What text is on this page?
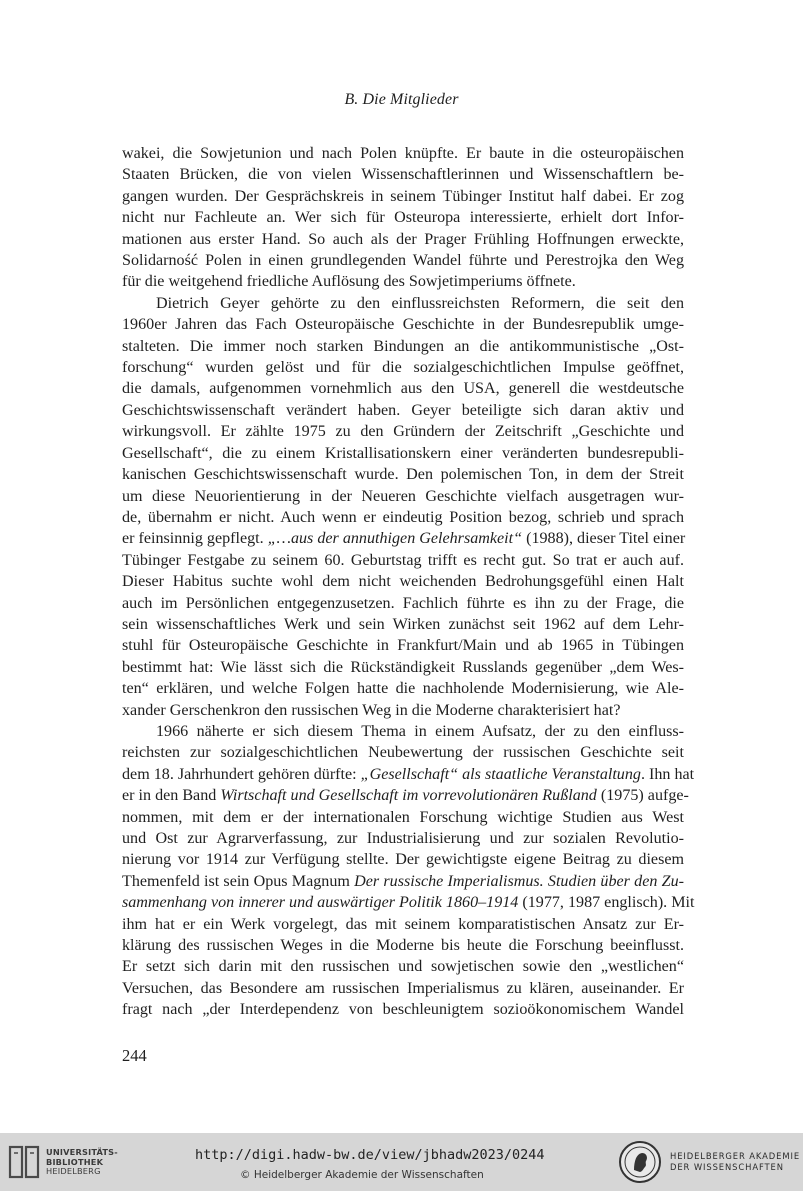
B. Die Mitglieder
wakei, die Sowjetunion und nach Polen knüpfte. Er baute in die osteuropäischen
Staaten Brücken, die von vielen Wissenschaftlerinnen und Wissenschaftlern be-
gangen wurden. Der Gesprächskreis in seinem Tübinger Institut half dabei. Er zog
nicht nur Fachleute an. Wer sich für Osteuropa interessierte, erhielt dort Infor-
mationen aus erster Hand. So auch als der Prager Frühling Hoffnungen erweckte,
Solidarność Polen in einen grundlegenden Wandel führte und Perestrojka den Weg
für die weitgehend friedliche Auflösung des Sowjetimperiums öffnete.
Dietrich Geyer gehörte zu den einflussreichsten Reformern, die seit den
1960er Jahren das Fach Osteuropäische Geschichte in der Bundesrepublik umge-
stalteten. Die immer noch starken Bindungen an die antikommunistische „Ost-
forschung“ wurden gelöst und für die sozialgeschichtlichen Impulse geöffnet,
die damals, aufgenommen vornehmlich aus den USA, generell die westdeutsche
Geschichtswissenschaft verändert haben. Geyer beteiligte sich daran aktiv und
wirkungsvoll. Er zählte 1975 zu den Gründern der Zeitschrift „Geschichte und
Gesellschaft“, die zu einem Kristallisationskern einer veränderten bundesrepubli-
kanischen Geschichtswissenschaft wurde. Den polemischen Ton, in dem der Streit
um diese Neuorientierung in der Neueren Geschichte vielfach ausgetragen wur-
de, übernahm er nicht. Auch wenn er eindeutig Position bezog, schrieb und sprach
er feinsinnig gepflegt. „…aus der annuthigen Gelehrsamkeit“ (1988), dieser Titel einer
Tübinger Festgabe zu seinem 60. Geburtstag trifft es recht gut. So trat er auch auf.
Dieser Habitus suchte wohl dem nicht weichenden Bedrohungsgefühl einen Halt
auch im Persönlichen entgegenzusetzen. Fachlich führte es ihn zu der Frage, die
sein wissenschaftliches Werk und sein Wirken zunächst seit 1962 auf dem Lehr-
stuhl für Osteuropäische Geschichte in Frankfurt/Main und ab 1965 in Tübingen
bestimmt hat: Wie lässt sich die Rückständigkeit Russlands gegenüber „dem Wes-
ten“ erklären, und welche Folgen hatte die nachholende Modernisierung, wie Ale-
xander Gerschenkron den russischen Weg in die Moderne charakterisiert hat?
1966 näherte er sich diesem Thema in einem Aufsatz, der zu den einfluss-
reichsten zur sozialgeschichtlichen Neubewertung der russischen Geschichte seit
dem 18. Jahrhundert gehören dürfte: „Gesellschaft“ als staatliche Veranstaltung. Ihn hat
er in den Band Wirtschaft und Gesellschaft im vorrevolutionären Rußland (1975) aufge-
nommen, mit dem er der internationalen Forschung wichtige Studien aus West
und Ost zur Agrarverfassung, zur Industrialisierung und zur sozialen Revolutio-
nierung vor 1914 zur Verfügung stellte. Der gewichtigste eigene Beitrag zu diesem
Themenfeld ist sein Opus Magnum Der russische Imperialismus. Studien über den Zu-
sammenhang von innerer und auswärtiger Politik 1860–1914 (1977, 1987 englisch). Mit
ihm hat er ein Werk vorgelegt, das mit seinem komparatistischen Ansatz zur Er-
klärung des russischen Weges in die Moderne bis heute die Forschung beeinflusst.
Er setzt sich darin mit den russischen und sowjetischen sowie den „westlichen“
Versuchen, das Besondere am russischen Imperialismus zu klären, auseinander. Er
fragt nach „der Interdependenz von beschleunigtem sozioökonomischem Wandel
244
UNIVERSITÄTS-
BIBLIOTHEK
HEIDELBERG
http://digi.hadw-bw.de/view/jbhadw2023/0244
© Heidelberger Akademie der Wissenschaften
HEIDELBERGER AKADEMIE
DER WISSENSCHAFTEN
